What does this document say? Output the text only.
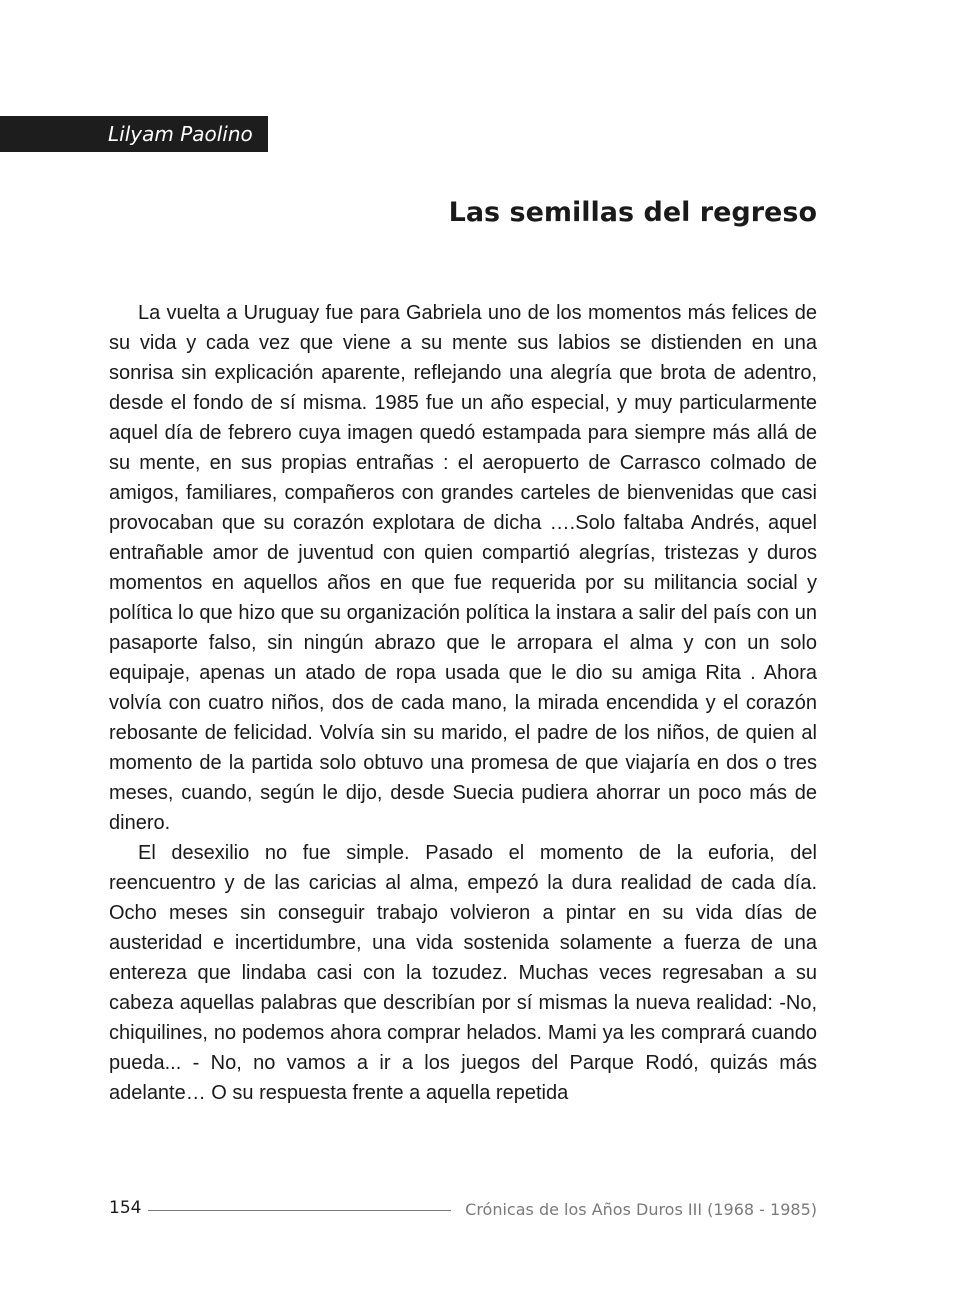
Lilyam Paolino
Las semillas del regreso

La vuelta a Uruguay fue para Gabriela uno de los momentos más felices de su vida y cada vez que viene a su mente sus labios se distienden en una sonrisa sin explicación aparente, reflejando una alegría que brota de adentro, desde el fondo de sí misma. 1985 fue un año especial, y muy particularmente aquel día de febrero cuya imagen quedó estampada para siempre más allá de su mente, en sus propias entrañas : el aeropuerto de Carrasco colmado de amigos, familiares, compañeros con grandes carteles de bienvenidas que casi provocaban que su corazón explotara de dicha ….Solo faltaba Andrés, aquel entrañable amor de juventud con quien compartió alegrías, tristezas y duros momentos en aquellos años en que fue requerida por su militancia social y política lo que hizo que su organización política la instara a salir del país con un pasaporte falso, sin ningún abrazo que le arropara el alma y con un solo equipaje, apenas un atado de ropa usada que le dio su amiga Rita . Ahora volvía con cuatro niños, dos de cada mano, la mirada encendida y el corazón rebosante de felicidad. Volvía sin su marido, el padre de los niños, de quien al momento de la partida solo obtuvo una promesa de que viajaría en dos o tres meses, cuando, según le dijo, desde Suecia pudiera ahorrar un poco más de dinero.

El desexilio no fue simple. Pasado el momento de la euforia, del reencuentro y de las caricias al alma, empezó la dura realidad de cada día. Ocho meses sin conseguir trabajo volvieron a pintar en su vida días de austeridad e incertidumbre, una vida sostenida solamente a fuerza de una entereza que lindaba casi con la tozudez. Muchas veces regresaban a su cabeza aquellas palabras que describían por sí mismas la nueva realidad: -No, chiquilines, no podemos ahora comprar helados. Mami ya les comprará cuando pueda... - No, no vamos a ir a los juegos del Parque Rodó, quizás más adelante… O su respuesta frente a aquella repetida

154	Crónicas de los Años Duros III (1968 - 1985)
